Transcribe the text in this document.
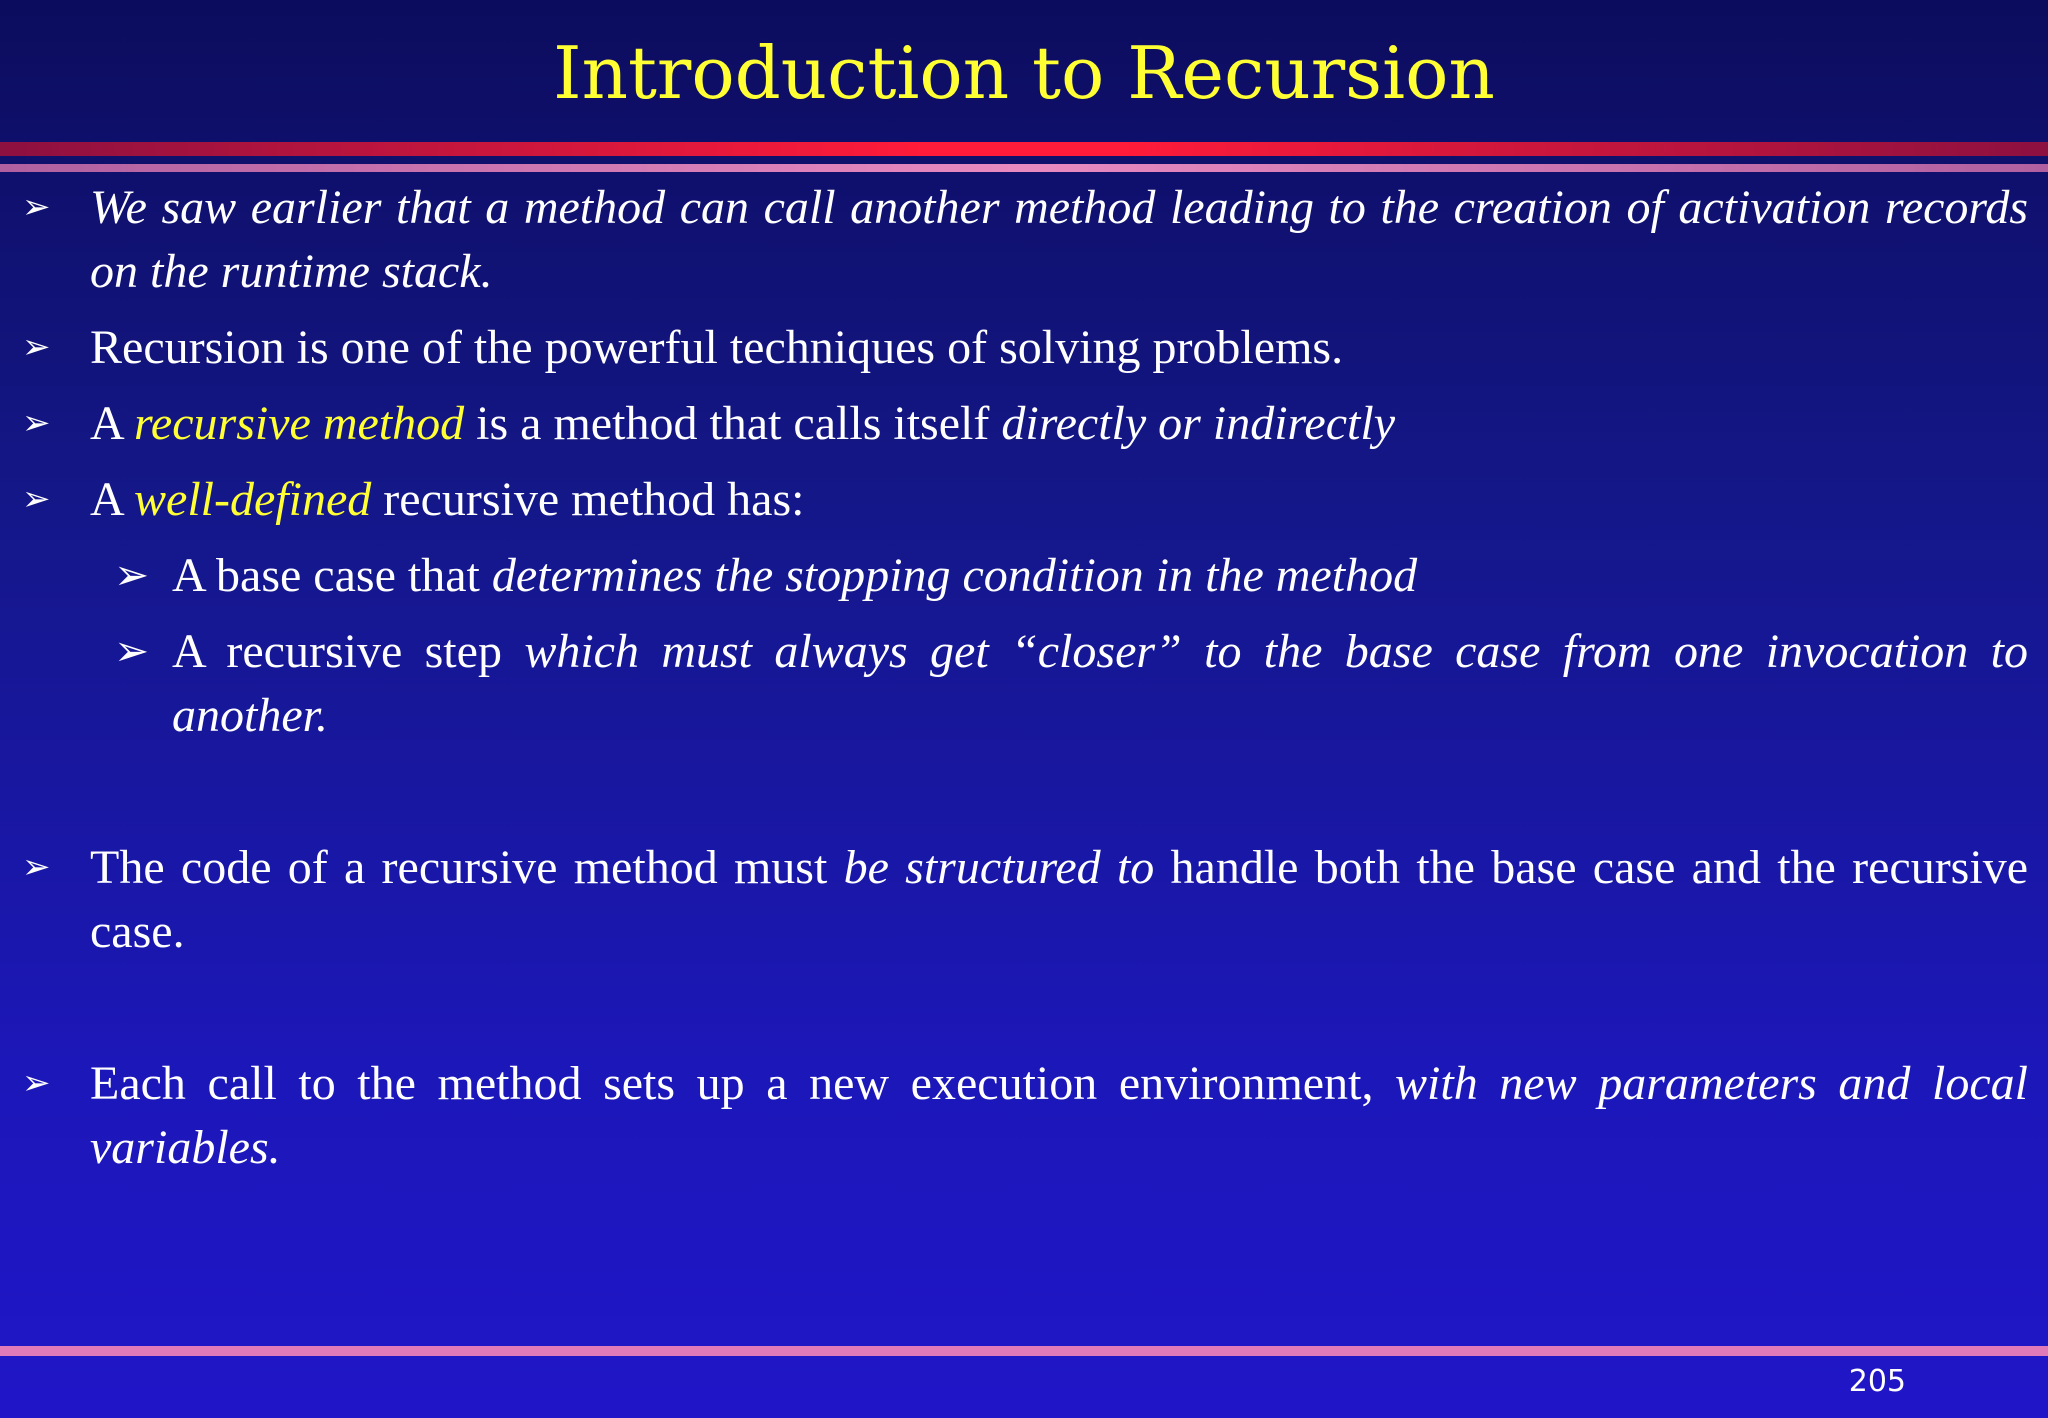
Introduction to Recursion
➢ We saw earlier that a method can call another method leading to the creation of activation records on the runtime stack.
➢ Recursion is one of the powerful techniques of solving problems.
➢ A recursive method is a method that calls itself directly or indirectly
➢ A well-defined recursive method has:
➢ A base case that determines the stopping condition in the method
➢ A recursive step which must always get “closer” to the base case from one invocation to another.
➢ The code of a recursive method must be structured to handle both the base case and the recursive case.
➢ Each call to the method sets up a new execution environment, with new parameters and local variables.
205
